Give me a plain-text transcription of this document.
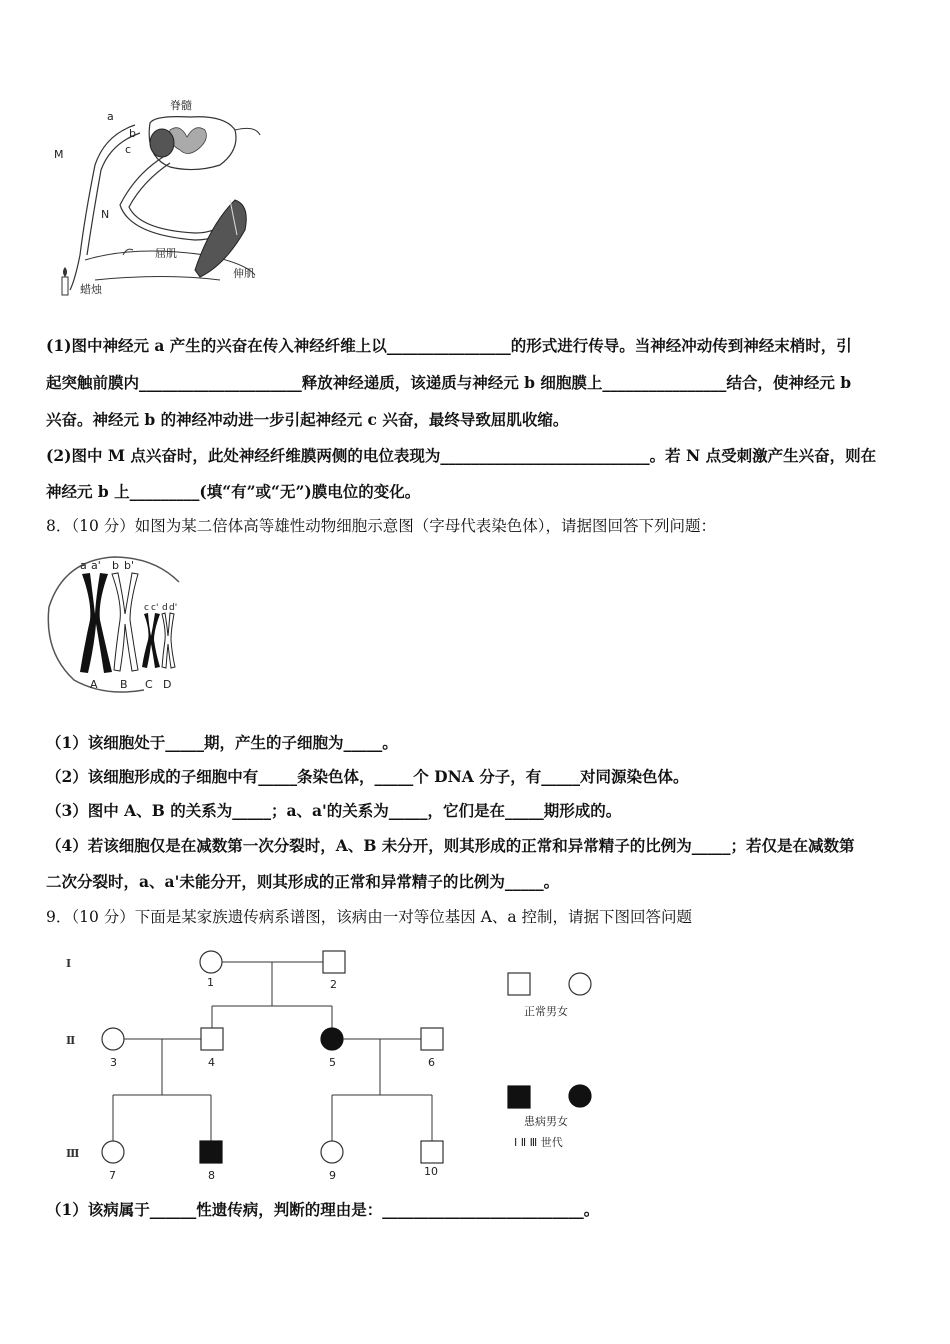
脊髓
a
b
c
M
N
屈肌
伸肌
蜡烛
(1)图中神经元 a 产生的兴奋在传入神经纤维上以________________的形式进行传导。当神经冲动传到神经末梢时，引
起突触前膜内_____________________释放神经递质，该递质与神经元 b 细胞膜上________________结合，使神经元 b
兴奋。神经元 b 的神经冲动进一步引起神经元 c 兴奋，最终导致屈肌收缩。
(2)图中 M 点兴奋时，此处神经纤维膜两侧的电位表现为___________________________。若 N 点受刺激产生兴奋，则在
神经元 b 上_________(填“有”或“无”)膜电位的变化。
8．（10 分）如图为某二倍体高等雄性动物细胞示意图（字母代表染色体），请据图回答下列问题：
a a' b b'
c c' d d'
A B C D
（1）该细胞处于_____期，产生的子细胞为_____。
（2）该细胞形成的子细胞中有_____条染色体，_____个 DNA 分子，有_____对同源染色体。
（3）图中 A、B 的关系为_____；a、a'的关系为_____，它们是在_____期形成的。
（4）若该细胞仅是在减数第一次分裂时，A、B 未分开，则其形成的正常和异常精子的比例为_____；若仅是在减数第
二次分裂时，a、a'未能分开，则其形成的正常和异常精子的比例为_____。
9．（10 分）下面是某家族遗传病系谱图，该病由一对等位基因 A、a 控制，请据下图回答问题
Ⅰ
Ⅱ
Ⅲ
1	2
3	4	5	6
7	8	9	10
正常男女
患病男女
Ⅰ Ⅱ Ⅲ 世代
（1）该病属于______性遗传病，判断的理由是：__________________________。
